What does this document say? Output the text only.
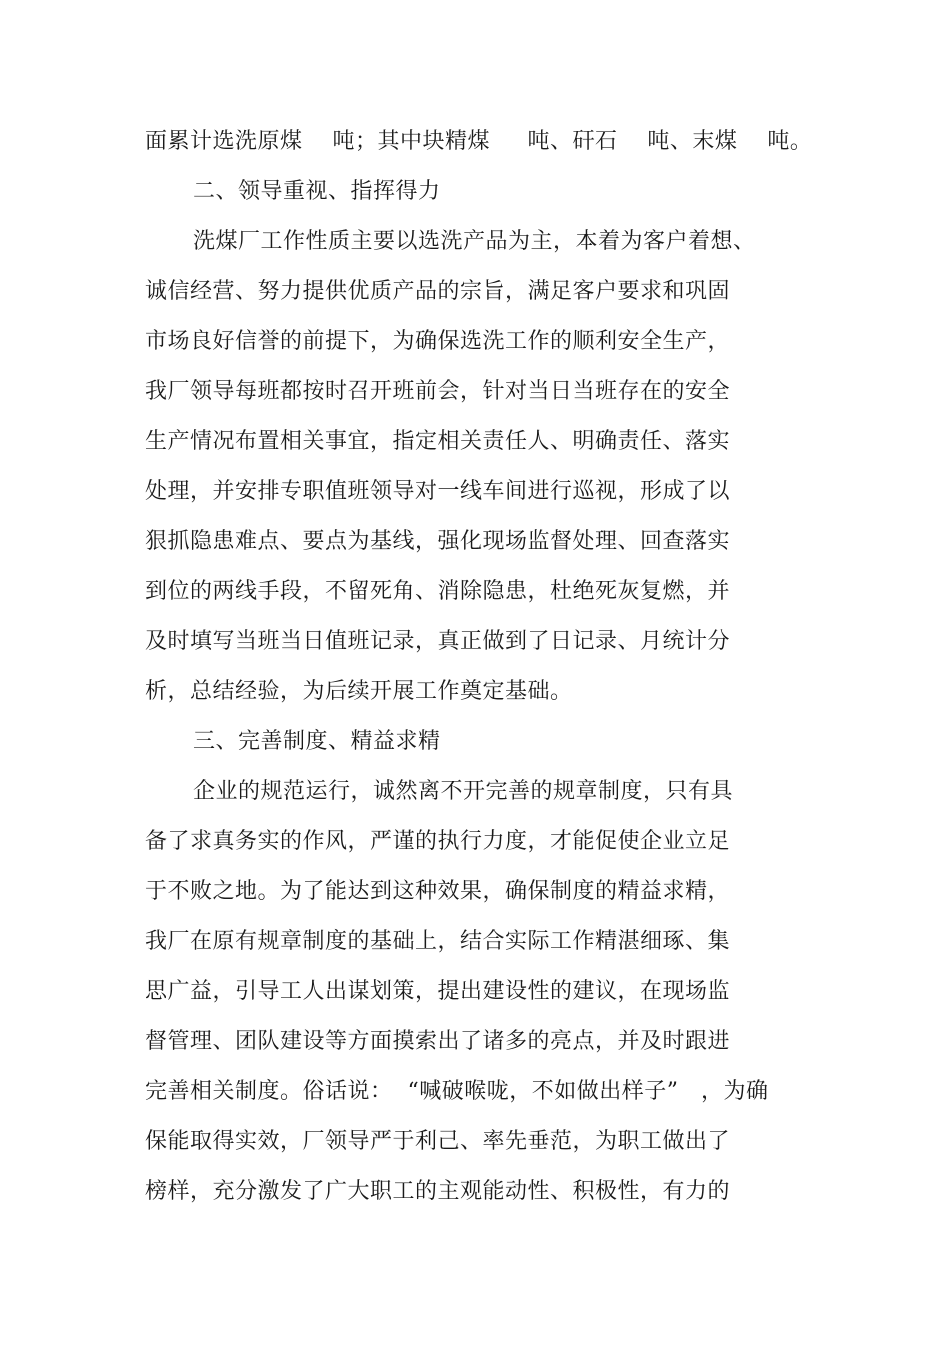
面累计选洗原煤    吨；其中块精煤     吨、矸石    吨、末煤    吨。
二、领导重视、指挥得力
洗煤厂工作性质主要以选洗产品为主，本着为客户着想、
诚信经营、努力提供优质产品的宗旨，满足客户要求和巩固
市场良好信誉的前提下，为确保选洗工作的顺利安全生产，
我厂领导每班都按时召开班前会，针对当日当班存在的安全
生产情况布置相关事宜，指定相关责任人、明确责任、落实
处理，并安排专职值班领导对一线车间进行巡视，形成了以
狠抓隐患难点、要点为基线，强化现场监督处理、回查落实
到位的两线手段，不留死角、消除隐患，杜绝死灰复燃，并
及时填写当班当日值班记录，真正做到了日记录、月统计分
析，总结经验，为后续开展工作奠定基础。
三、完善制度、精益求精
企业的规范运行，诚然离不开完善的规章制度，只有具
备了求真务实的作风，严谨的执行力度，才能促使企业立足
于不败之地。为了能达到这种效果，确保制度的精益求精，
我厂在原有规章制度的基础上，结合实际工作精湛细琢、集
思广益，引导工人出谋划策，提出建设性的建议，在现场监
督管理、团队建设等方面摸索出了诸多的亮点，并及时跟进
完善相关制度。俗话说：  “喊破喉咙，不如做出样子”   ，为确
保能取得实效，厂领导严于利己、率先垂范，为职工做出了
榜样，充分激发了广大职工的主观能动性、积极性，有力的
